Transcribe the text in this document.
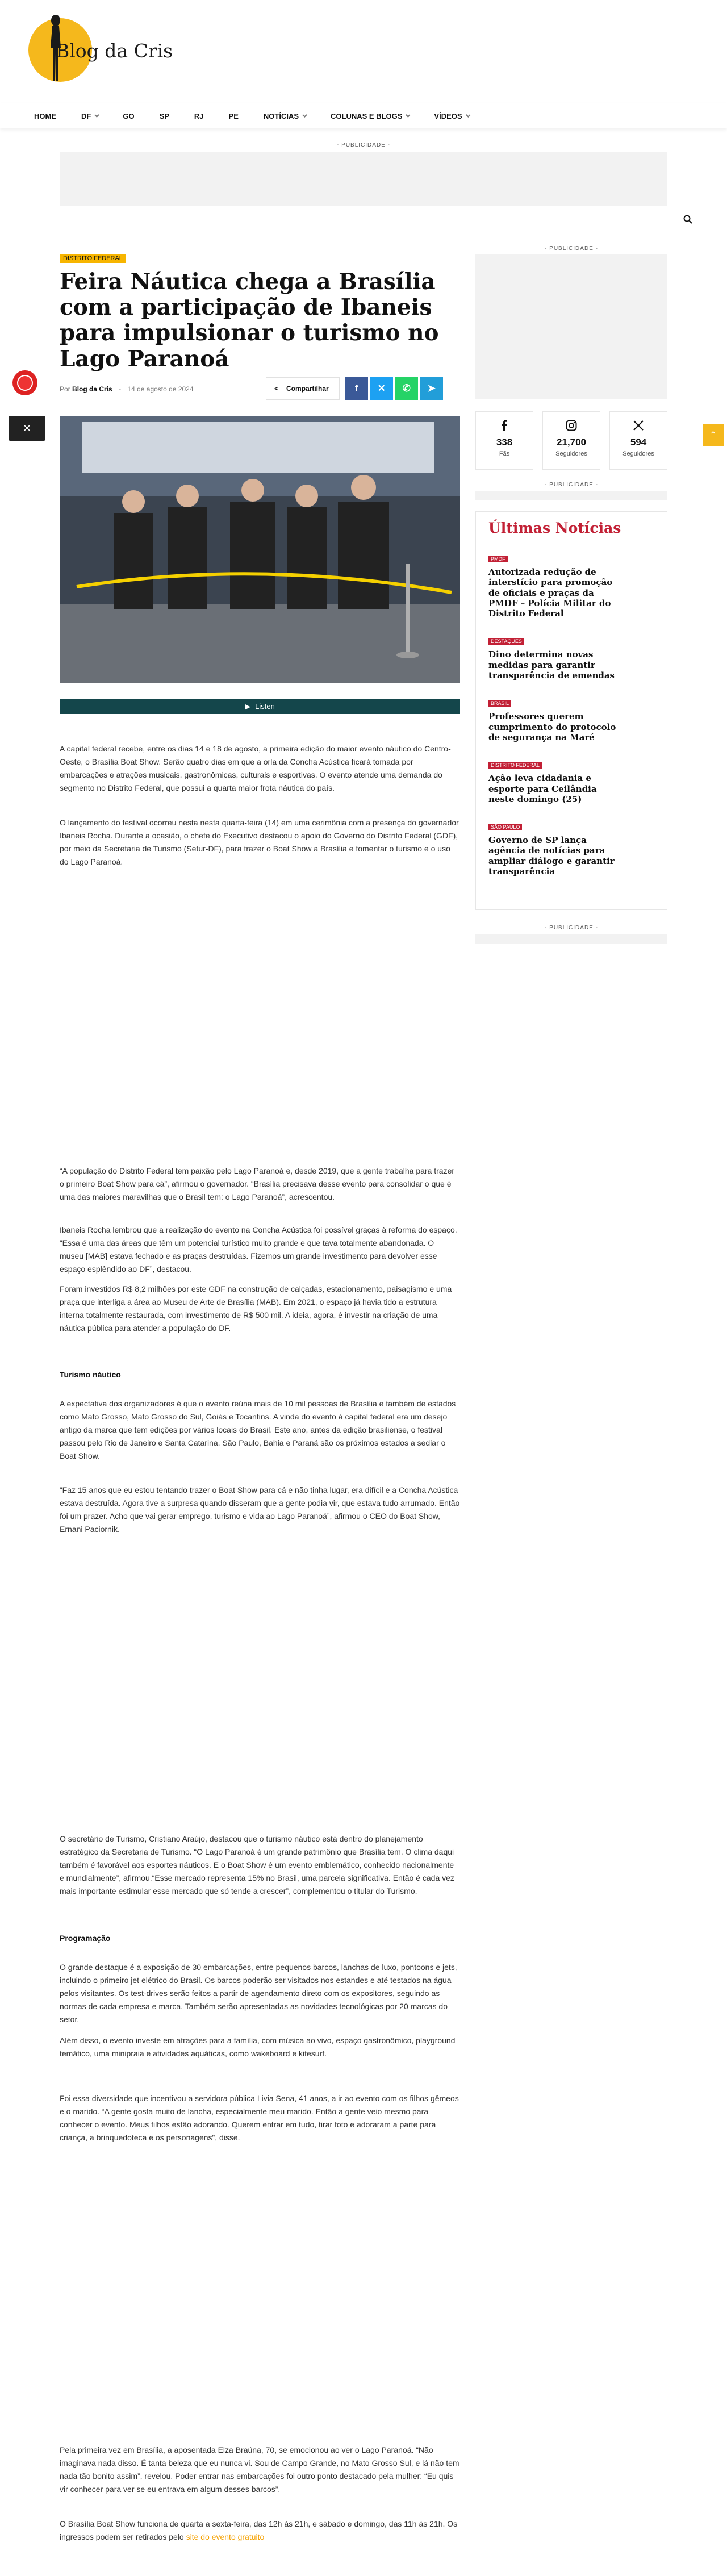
Blog da Cris
HOME	DF	GO	SP	RJ	PE	NOTÍCIAS	COLUNAS E BLOGS	VÍDEOS
- PUBLICIDADE -
✕
⌃
DISTRITO FEDERAL
Feira Náutica chega a Brasília com a participação de Ibaneis para impulsionar o turismo no Lago Paranoá
Por Blog da Cris - 14 de agosto de 2024	< Compartilhar	f	✕	✆	➤
▶ Listen

A capital federal recebe, entre os dias 14 e 18 de agosto, a primeira edição do maior evento náutico do Centro-Oeste, o Brasília Boat Show. Serão quatro dias em que a orla da Concha Acústica ficará tomada por embarcações e atrações musicais, gastronômicas, culturais e esportivas. O evento atende uma demanda do segmento no Distrito Federal, que possui a quarta maior frota náutica do país.

O lançamento do festival ocorreu nesta nesta quarta-feira (14) em uma cerimônia com a presença do governador Ibaneis Rocha. Durante a ocasião, o chefe do Executivo destacou o apoio do Governo do Distrito Federal (GDF), por meio da Secretaria de Turismo (Setur-DF), para trazer o Boat Show a Brasília e fomentar o turismo e o uso do Lago Paranoá.

“A população do Distrito Federal tem paixão pelo Lago Paranoá e, desde 2019, que a gente trabalha para trazer o primeiro Boat Show para cá”, afirmou o governador. “Brasília precisava desse evento para consolidar o que é uma das maiores maravilhas que o Brasil tem: o Lago Paranoá”, acrescentou.

Ibaneis Rocha lembrou que a realização do evento na Concha Acústica foi possível graças à reforma do espaço. “Essa é uma das áreas que têm um potencial turístico muito grande e que tava totalmente abandonada. O museu [MAB] estava fechado e as praças destruídas. Fizemos um grande investimento para devolver esse espaço esplêndido ao DF”, destacou.

Foram investidos R$ 8,2 milhões por este GDF na construção de calçadas, estacionamento, paisagismo e uma praça que interliga a área ao Museu de Arte de Brasília (MAB). Em 2021, o espaço já havia tido a estrutura interna totalmente restaurada, com investimento de R$ 500 mil. A ideia, agora, é investir na criação de uma náutica pública para atender a população do DF.

Turismo náutico

A expectativa dos organizadores é que o evento reúna mais de 10 mil pessoas de Brasília e também de estados como Mato Grosso, Mato Grosso do Sul, Goiás e Tocantins. A vinda do evento à capital federal era um desejo antigo da marca que tem edições por vários locais do Brasil. Este ano, antes da edição brasiliense, o festival passou pelo Rio de Janeiro e Santa Catarina. São Paulo, Bahia e Paraná são os próximos estados a sediar o Boat Show.

“Faz 15 anos que eu estou tentando trazer o Boat Show para cá e não tinha lugar, era difícil e a Concha Acústica estava destruída. Agora tive a surpresa quando disseram que a gente podia vir, que estava tudo arrumado. Então foi um prazer. Acho que vai gerar emprego, turismo e vida ao Lago Paranoá”, afirmou o CEO do Boat Show, Ernani Paciornik.

O secretário de Turismo, Cristiano Araújo, destacou que o turismo náutico está dentro do planejamento estratégico da Secretaria de Turismo. “O Lago Paranoá é um grande patrimônio que Brasília tem. O clima daqui também é favorável aos esportes náuticos. E o Boat Show é um evento emblemático, conhecido nacionalmente e mundialmente”, afirmou.“Esse mercado representa 15% no Brasil, uma parcela significativa. Então é cada vez mais importante estimular esse mercado que só tende a crescer”, complementou o titular do Turismo.

Programação

O grande destaque é a exposição de 30 embarcações, entre pequenos barcos, lanchas de luxo, pontoons e jets, incluindo o primeiro jet elétrico do Brasil. Os barcos poderão ser visitados nos estandes e até testados na água pelos visitantes. Os test-drives serão feitos a partir de agendamento direto com os expositores, seguindo as normas de cada empresa e marca. Também serão apresentadas as novidades tecnológicas por 20 marcas do setor.

Além disso, o evento investe em atrações para a família, com música ao vivo, espaço gastronômico, playground temático, uma minipraia e atividades aquáticas, como wakeboard e kitesurf.

Foi essa diversidade que incentivou a servidora pública Livia Sena, 41 anos, a ir ao evento com os filhos gêmeos e o marido. “A gente gosta muito de lancha, especialmente meu marido. Então a gente veio mesmo para conhecer o evento. Meus filhos estão adorando. Querem entrar em tudo, tirar foto e adoraram a parte para criança, a brinquedoteca e os personagens”, disse.

Pela primeira vez em Brasília, a aposentada Elza Braúna, 70, se emocionou ao ver o Lago Paranoá. “Não imaginava nada disso. É tanta beleza que eu nunca vi. Sou de Campo Grande, no Mato Grosso Sul, e lá não tem nada tão bonito assim”, revelou. Poder entrar nas embarcações foi outro ponto destacado pela mulher: “Eu quis vir conhecer para ver se eu entrava em algum desses barcos”.

O Brasília Boat Show funciona de quarta a sexta-feira, das 12h às 21h, e sábado e domingo, das 11h às 21h. Os ingressos podem ser retirados pelo site do evento gratuito

- PUBLICIDADE -
338
Fãs
21,700
Seguidores
594
Seguidores
- PUBLICIDADE -
Últimas Notícias
PMDF
Autorizada redução de interstício para promoção de oficiais e praças da PMDF – Polícia Militar do Distrito Federal
DESTAQUES
Dino determina novas medidas para garantir transparência de emendas
BRASIL
Professores querem cumprimento do protocolo de segurança na Maré
DISTRITO FEDERAL
Ação leva cidadania e esporte para Ceilândia neste domingo (25)
SÃO PAULO
Governo de SP lança agência de notícias para ampliar diálogo e garantir transparência
- PUBLICIDADE -
